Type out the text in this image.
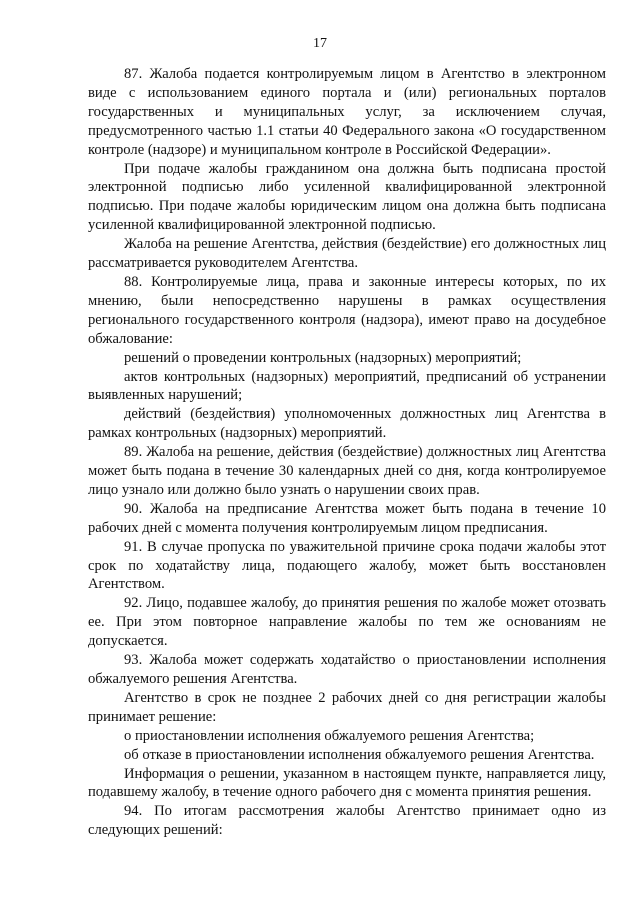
17

87. Жалоба подается контролируемым лицом в Агентство в электронном виде с использованием единого портала и (или) региональных порталов государственных и муниципальных услуг, за исключением случая, предусмотренного частью 1.1 статьи 40 Федерального закона «О государственном контроле (надзоре) и муниципальном контроле в Российской Федерации».

При подаче жалобы гражданином она должна быть подписана простой электронной подписью либо усиленной квалифицированной электронной подписью. При подаче жалобы юридическим лицом она должна быть подписана усиленной квалифицированной электронной подписью.

Жалоба на решение Агентства, действия (бездействие) его должностных лиц рассматривается руководителем Агентства.

88. Контролируемые лица, права и законные интересы которых, по их мнению, были непосредственно нарушены в рамках осуществления регионального государственного контроля (надзора), имеют право на досудебное обжалование:

решений о проведении контрольных (надзорных) мероприятий;

актов контрольных (надзорных) мероприятий, предписаний об устранении выявленных нарушений;

действий (бездействия) уполномоченных должностных лиц Агентства в рамках контрольных (надзорных) мероприятий.

89. Жалоба на решение, действия (бездействие) должностных лиц Агентства может быть подана в течение 30 календарных дней со дня, когда контролируемое лицо узнало или должно было узнать о нарушении своих прав.

90. Жалоба на предписание Агентства может быть подана в течение 10 рабочих дней с момента получения контролируемым лицом предписания.

91. В случае пропуска по уважительной причине срока подачи жалобы этот срок по ходатайству лица, подающего жалобу, может быть восстановлен Агентством.

92. Лицо, подавшее жалобу, до принятия решения по жалобе может отозвать ее. При этом повторное направление жалобы по тем же основаниям не допускается.

93. Жалоба может содержать ходатайство о приостановлении исполнения обжалуемого решения Агентства.

Агентство в срок не позднее 2 рабочих дней со дня регистрации жалобы принимает решение:

о приостановлении исполнения обжалуемого решения Агентства;

об отказе в приостановлении исполнения обжалуемого решения Агентства.

Информация о решении, указанном в настоящем пункте, направляется лицу, подавшему жалобу, в течение одного рабочего дня с момента принятия решения.

94. По итогам рассмотрения жалобы Агентство принимает одно из следующих решений:
